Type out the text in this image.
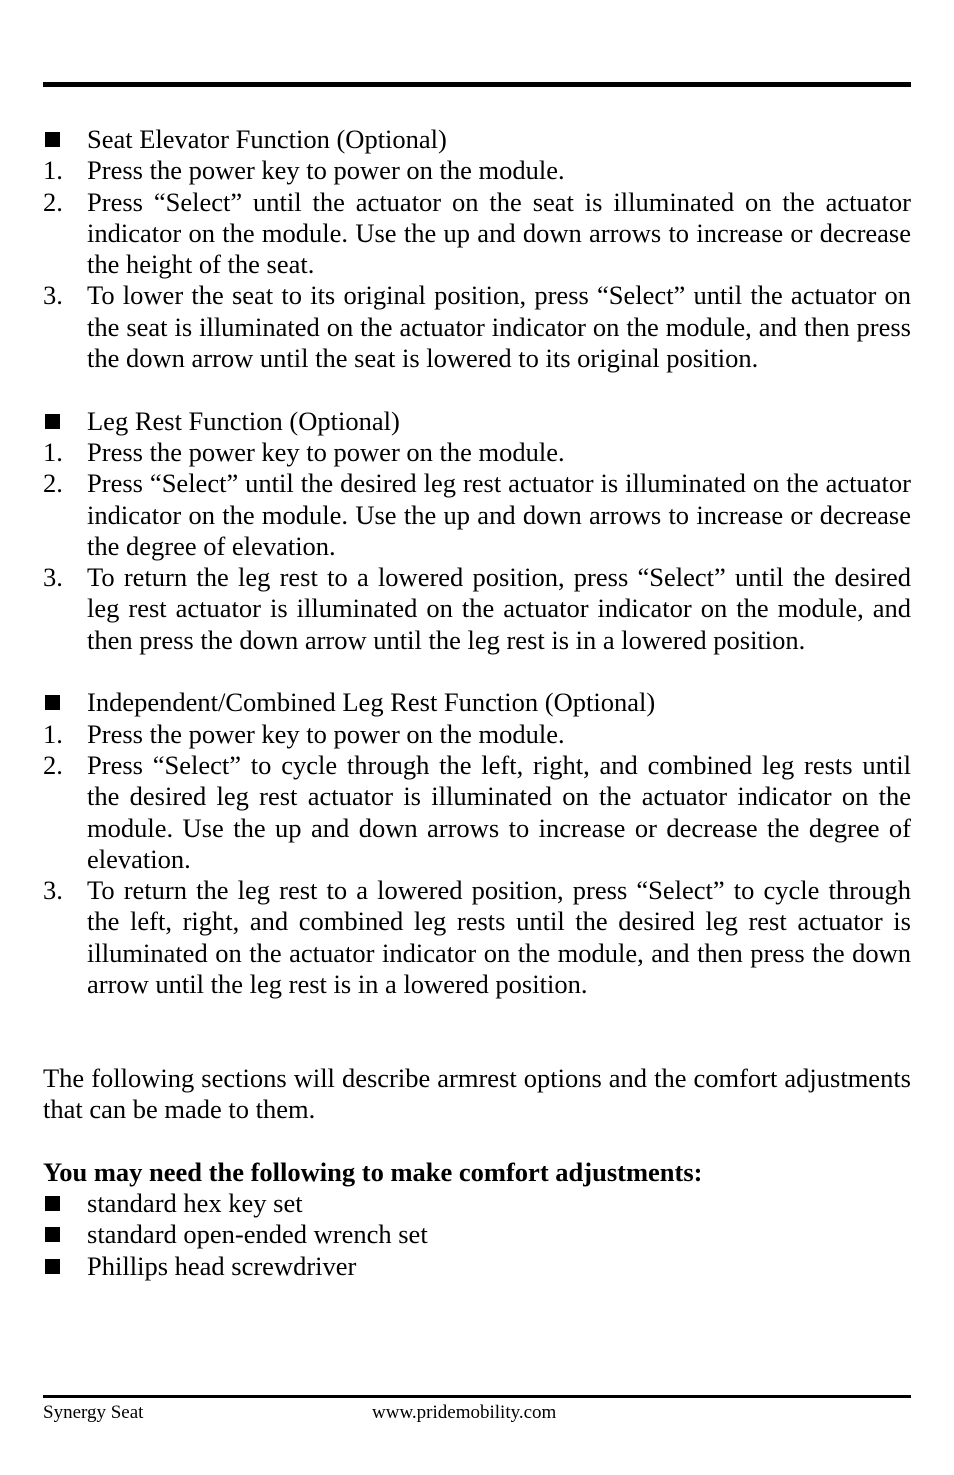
Seat Elevator Function (Optional)
1. Press the power key to power on the module.
2. Press “Select” until the actuator on the seat is illuminated on the actuator indicator on the module. Use the up and down arrows to increase or decrease the height of the seat.
3. To lower the seat to its original position, press “Select” until the actuator on the seat is illuminated on the actuator indicator on the module, and then press the down arrow until the seat is lowered to its original position.
Leg Rest Function (Optional)
1. Press the power key to power on the module.
2. Press “Select” until the desired leg rest actuator is illuminated on the actuator indicator on the module. Use the up and down arrows to increase or decrease the degree of elevation.
3. To return the leg rest to a lowered position, press “Select” until the desired leg rest actuator is illuminated on the actuator indicator on the module, and then press the down arrow until the leg rest is in a lowered position.
Independent/Combined Leg Rest Function (Optional)
1. Press the power key to power on the module.
2. Press “Select” to cycle through the left, right, and combined leg rests until the desired leg rest actuator is illuminated on the actuator indicator on the module. Use the up and down arrows to increase or decrease the degree of elevation.
3. To return the leg rest to a lowered position, press “Select” to cycle through the left, right, and combined leg rests until the desired leg rest actuator is illuminated on the actuator indicator on the module, and then press the down arrow until the leg rest is in a lowered position.

The following sections will describe armrest options and the comfort adjustments that can be made to them.

You may need the following to make comfort adjustments:
standard hex key set
standard open-ended wrench set
Phillips head screwdriver
Synergy Seat	www.pridemobility.com
